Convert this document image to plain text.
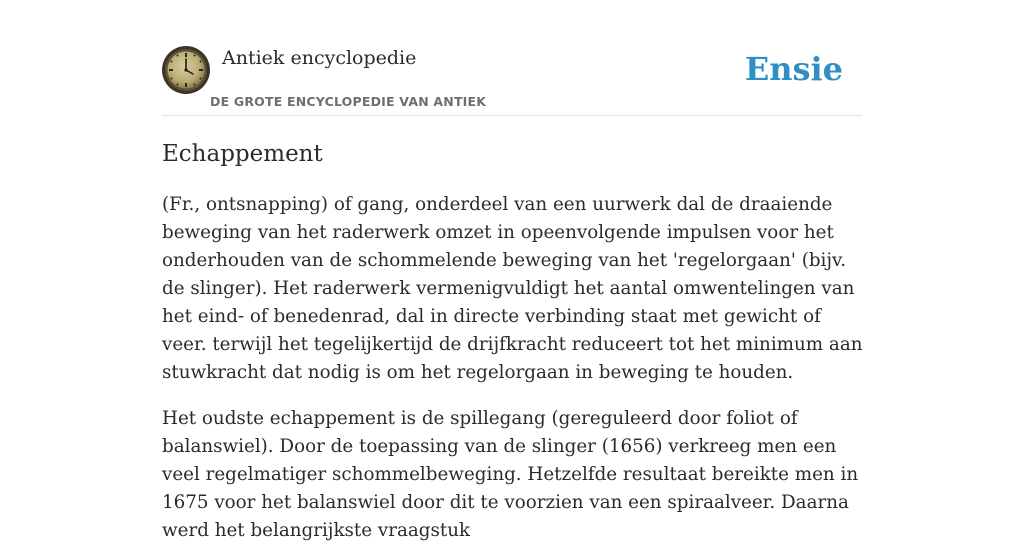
Antiek encyclopedie
DE GROTE ENCYCLOPEDIE VAN ANTIEK
Ensie
Echappement

(Fr., ontsnapping) of gang, onderdeel van een uurwerk dal de draaiende beweging van het raderwerk omzet in opeenvolgende impulsen voor het onderhouden van de schommelende beweging van het 'regelorgaan' (bijv. de slinger). Het raderwerk vermenigvuldigt het aantal omwentelingen van het eind- of benedenrad, dal in directe verbinding staat met gewicht of veer. terwijl het tegelijkertijd de drijfkracht reduceert tot het minimum aan stuwkracht dat nodig is om het regelorgaan in beweging te houden.

Het oudste echappement is de spillegang (gereguleerd door foliot of balanswiel). Door de toepassing van de slinger (1656) verkreeg men een veel regelmatiger schommelbeweging. Hetzelfde resultaat bereikte men in 1675 voor het balanswiel door dit te voorzien van een spiraalveer. Daarna werd het belangrijkste vraagstuk
